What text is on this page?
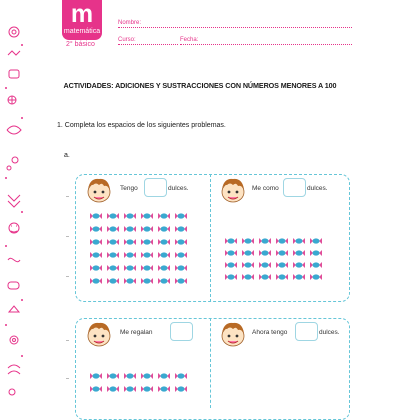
m
matemática
2° básico
Nombre:
Curso:	Fecha:
ACTIVIDADES: ADICIONES Y SUSTRACCIONES CON NÚMEROS MENORES A 100
1. Completa los espacios de los siguientes problemas.
a.
Tengo	dulces.	Me como	dulces.
Me regalan	Ahora tengo	dulces.
